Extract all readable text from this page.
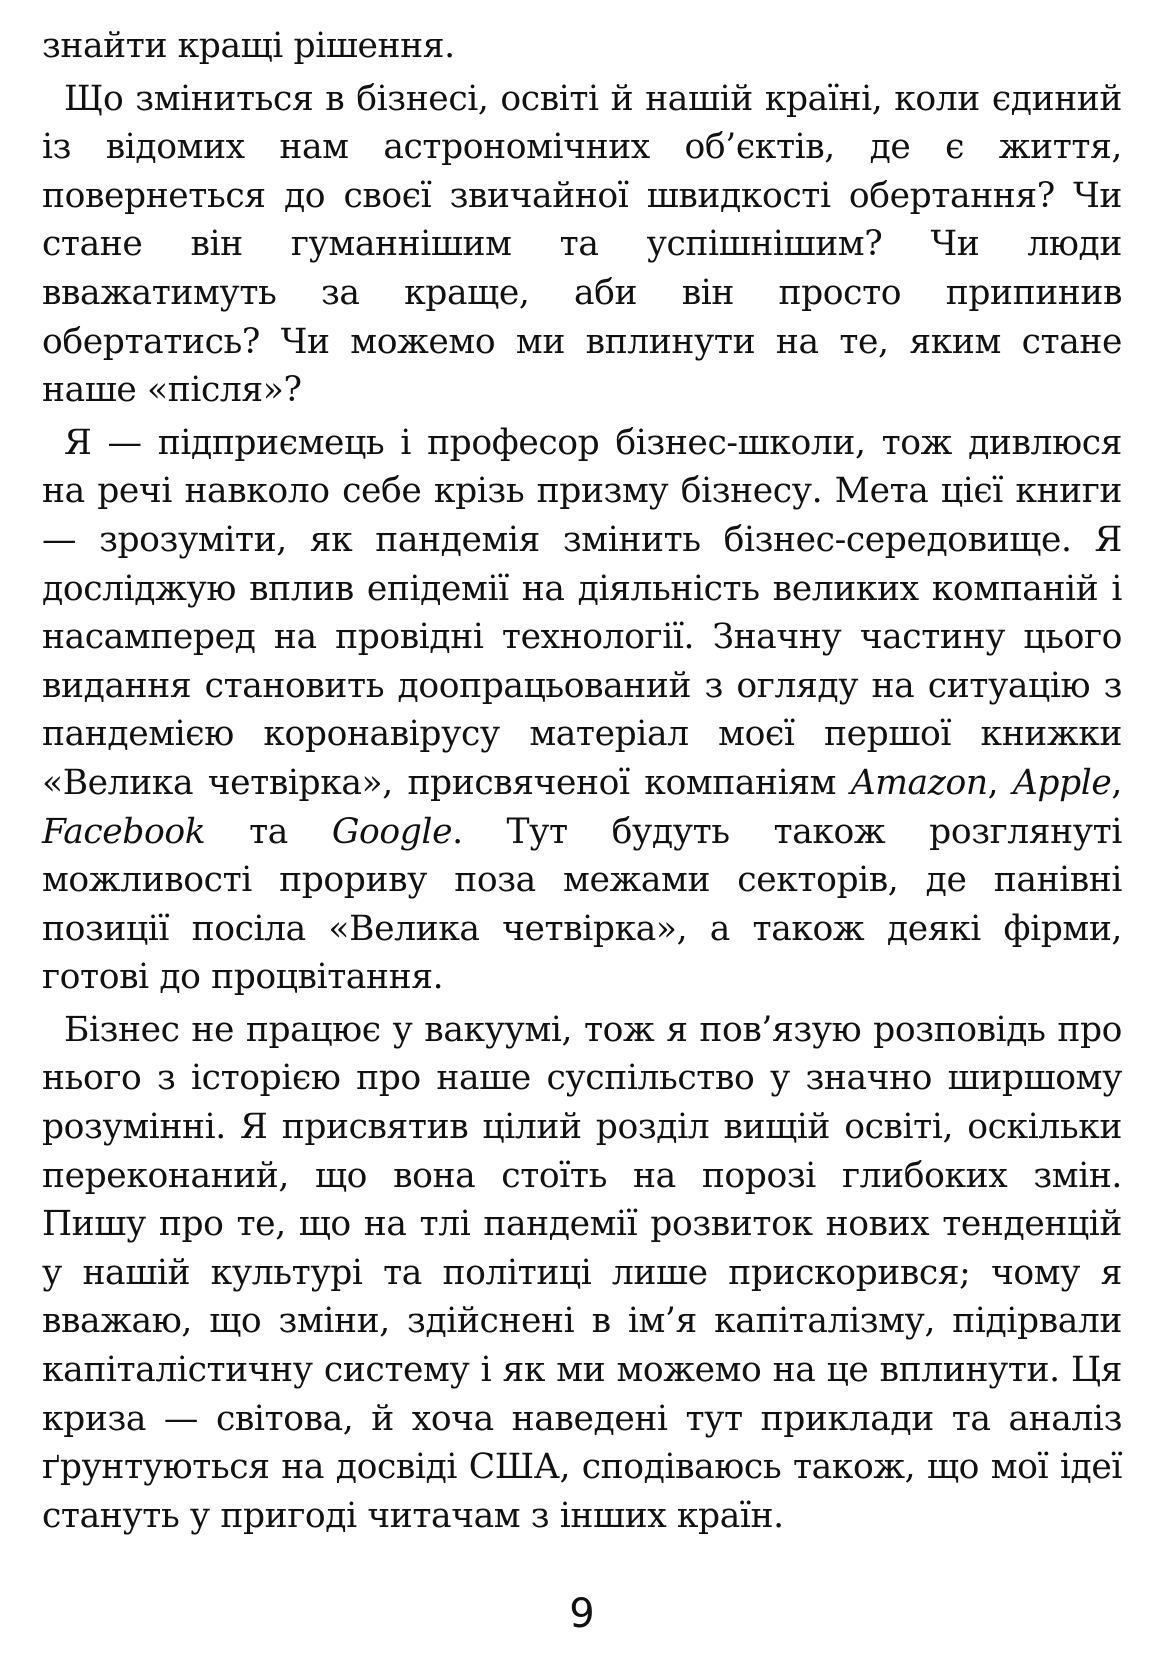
знайти кращі рішення.

Що зміниться в бізнесі, освіті й нашій країні, коли єдиний із відомих нам астрономічних об’єктів, де є життя, повернеться до своєї звичайної швидкості обертання? Чи стане він гуманнішим та успішнішим? Чи люди вважатимуть за краще, аби він просто припинив обертатись? Чи можемо ми вплинути на те, яким стане наше «після»?

Я — підприємець і професор бізнес-школи, тож дивлюся на речі навколо себе крізь призму бізнесу. Мета цієї книги — зрозуміти, як пандемія змінить бізнес-середовище. Я досліджую вплив епідемії на діяльність великих компаній і насамперед на провідні технології. Значну частину цього видання становить доопрацьований з огляду на ситуацію з пандемією коронавірусу матеріал моєї першої книжки «Велика четвірка», присвяченої компаніям Amazon, Apple, Facebook та Google. Тут будуть також розглянуті можливості прориву поза межами секторів, де панівні позиції посіла «Велика четвірка», а також деякі фірми, готові до процвітання.

Бізнес не працює у вакуумі, тож я пов’язую розповідь про нього з історією про наше суспільство у значно ширшому розумінні. Я присвятив цілий розділ вищій освіті, оскільки переконаний, що вона стоїть на порозі глибоких змін. Пишу про те, що на тлі пандемії розвиток нових тенденцій у нашій культурі та політиці лише прискорився; чому я вважаю, що зміни, здійснені в ім’я капіталізму, підірвали капіталістичну систему і як ми можемо на це вплинути. Ця криза — світова, й хоча наведені тут приклади та аналіз ґрунтуються на досвіді США, сподіваюсь також, що мої ідеї стануть у пригоді читачам з інших країн.

9
